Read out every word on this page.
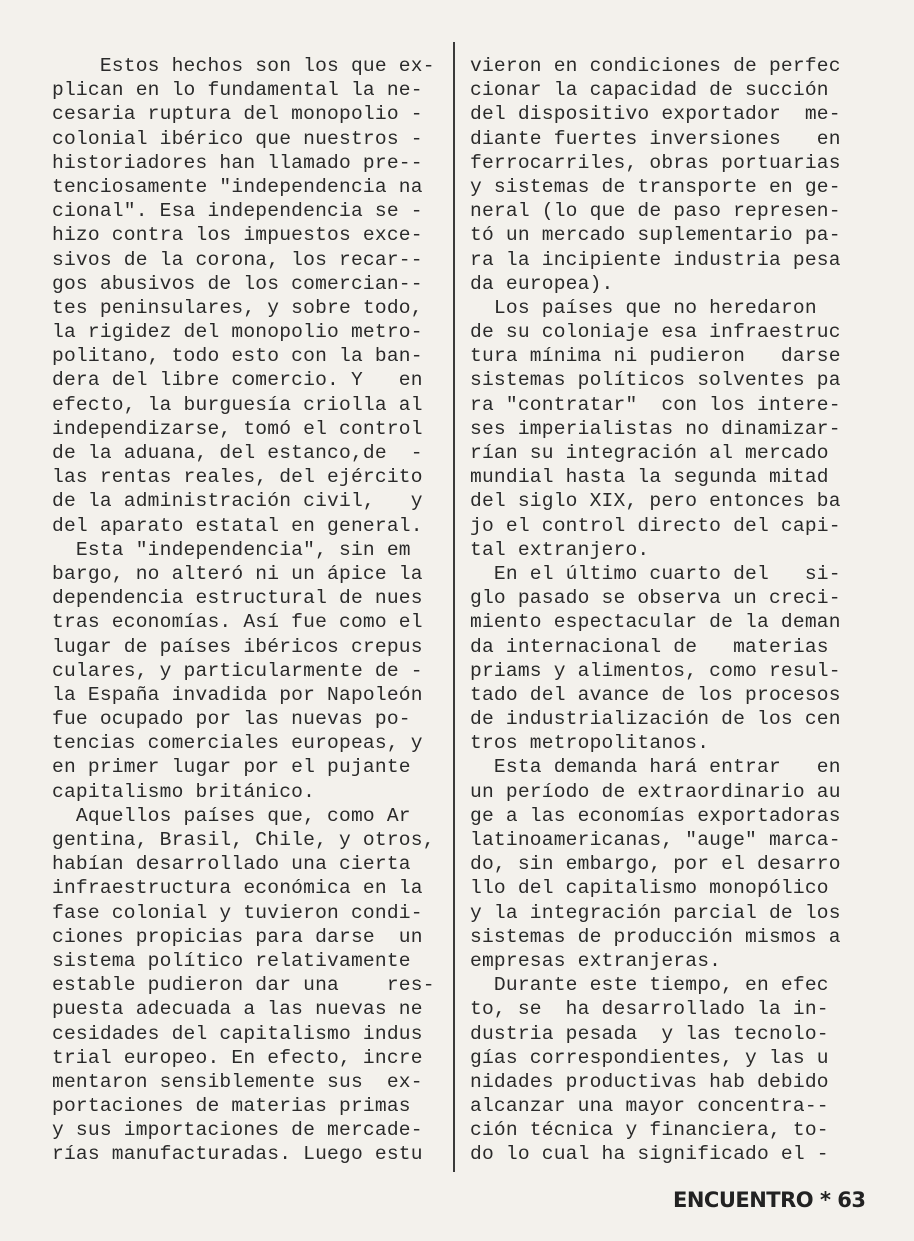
Estos hechos son los que ex-
plican en lo fundamental la ne-
cesaria ruptura del monopolio -
colonial ibérico que nuestros -
historiadores han llamado pre--
tenciosamente "independencia na
cional". Esa independencia se -
hizo contra los impuestos exce-
sivos de la corona, los recar--
gos abusivos de los comercian--
tes peninsulares, y sobre todo,
la rigidez del monopolio metro-
politano, todo esto con la ban-
dera del libre comercio. Y   en
efecto, la burguesía criolla al
independizarse, tomó el control
de la aduana, del estanco,de  -
las rentas reales, del ejército
de la administración civil,   y
del aparato estatal en general.
Esta "independencia", sin em
bargo, no alteró ni un ápice la
dependencia estructural de nues
tras economías. Así fue como el
lugar de países ibéricos crepus
culares, y particularmente de -
la España invadida por Napoleón
fue ocupado por las nuevas po-
tencias comerciales europeas, y
en primer lugar por el pujante
capitalismo británico.
Aquellos países que, como Ar
gentina, Brasil, Chile, y otros,
habían desarrollado una cierta
infraestructura económica en la
fase colonial y tuvieron condi-
ciones propicias para darse  un
sistema político relativamente
estable pudieron dar una    res-
puesta adecuada a las nuevas ne
cesidades del capitalismo indus
trial europeo. En efecto, incre
mentaron sensiblemente sus  ex-
portaciones de materias primas
y sus importaciones de mercade-
rías manufacturadas. Luego estu
vieron en condiciones de perfec
cionar la capacidad de succión
del dispositivo exportador  me-
diante fuertes inversiones   en
ferrocarriles, obras portuarias
y sistemas de transporte en ge-
neral (lo que de paso represen-
tó un mercado suplementario pa-
ra la incipiente industria pesa
da europea).
Los países que no heredaron
de su coloniaje esa infraestruc
tura mínima ni pudieron   darse
sistemas políticos solventes pa
ra "contratar"  con los intere-
ses imperialistas no dinamizar-
rían su integración al mercado
mundial hasta la segunda mitad
del siglo XIX, pero entonces ba
jo el control directo del capi-
tal extranjero.
En el último cuarto del   si-
glo pasado se observa un creci-
miento espectacular de la deman
da internacional de   materias
priams y alimentos, como resul-
tado del avance de los procesos
de industrialización de los cen
tros metropolitanos.
Esta demanda hará entrar   en
un período de extraordinario au
ge a las economías exportadoras
latinoamericanas, "auge" marca-
do, sin embargo, por el desarro
llo del capitalismo monopólico
y la integración parcial de los
sistemas de producción mismos a
empresas extranjeras.
Durante este tiempo, en efec
to, se  ha desarrollado la in-
dustria pesada  y las tecnolo-
gías correspondientes, y las u
nidades productivas hab debido
alcanzar una mayor concentra--
ción técnica y financiera, to-
do lo cual ha significado el -
ENCUENTRO * 63
